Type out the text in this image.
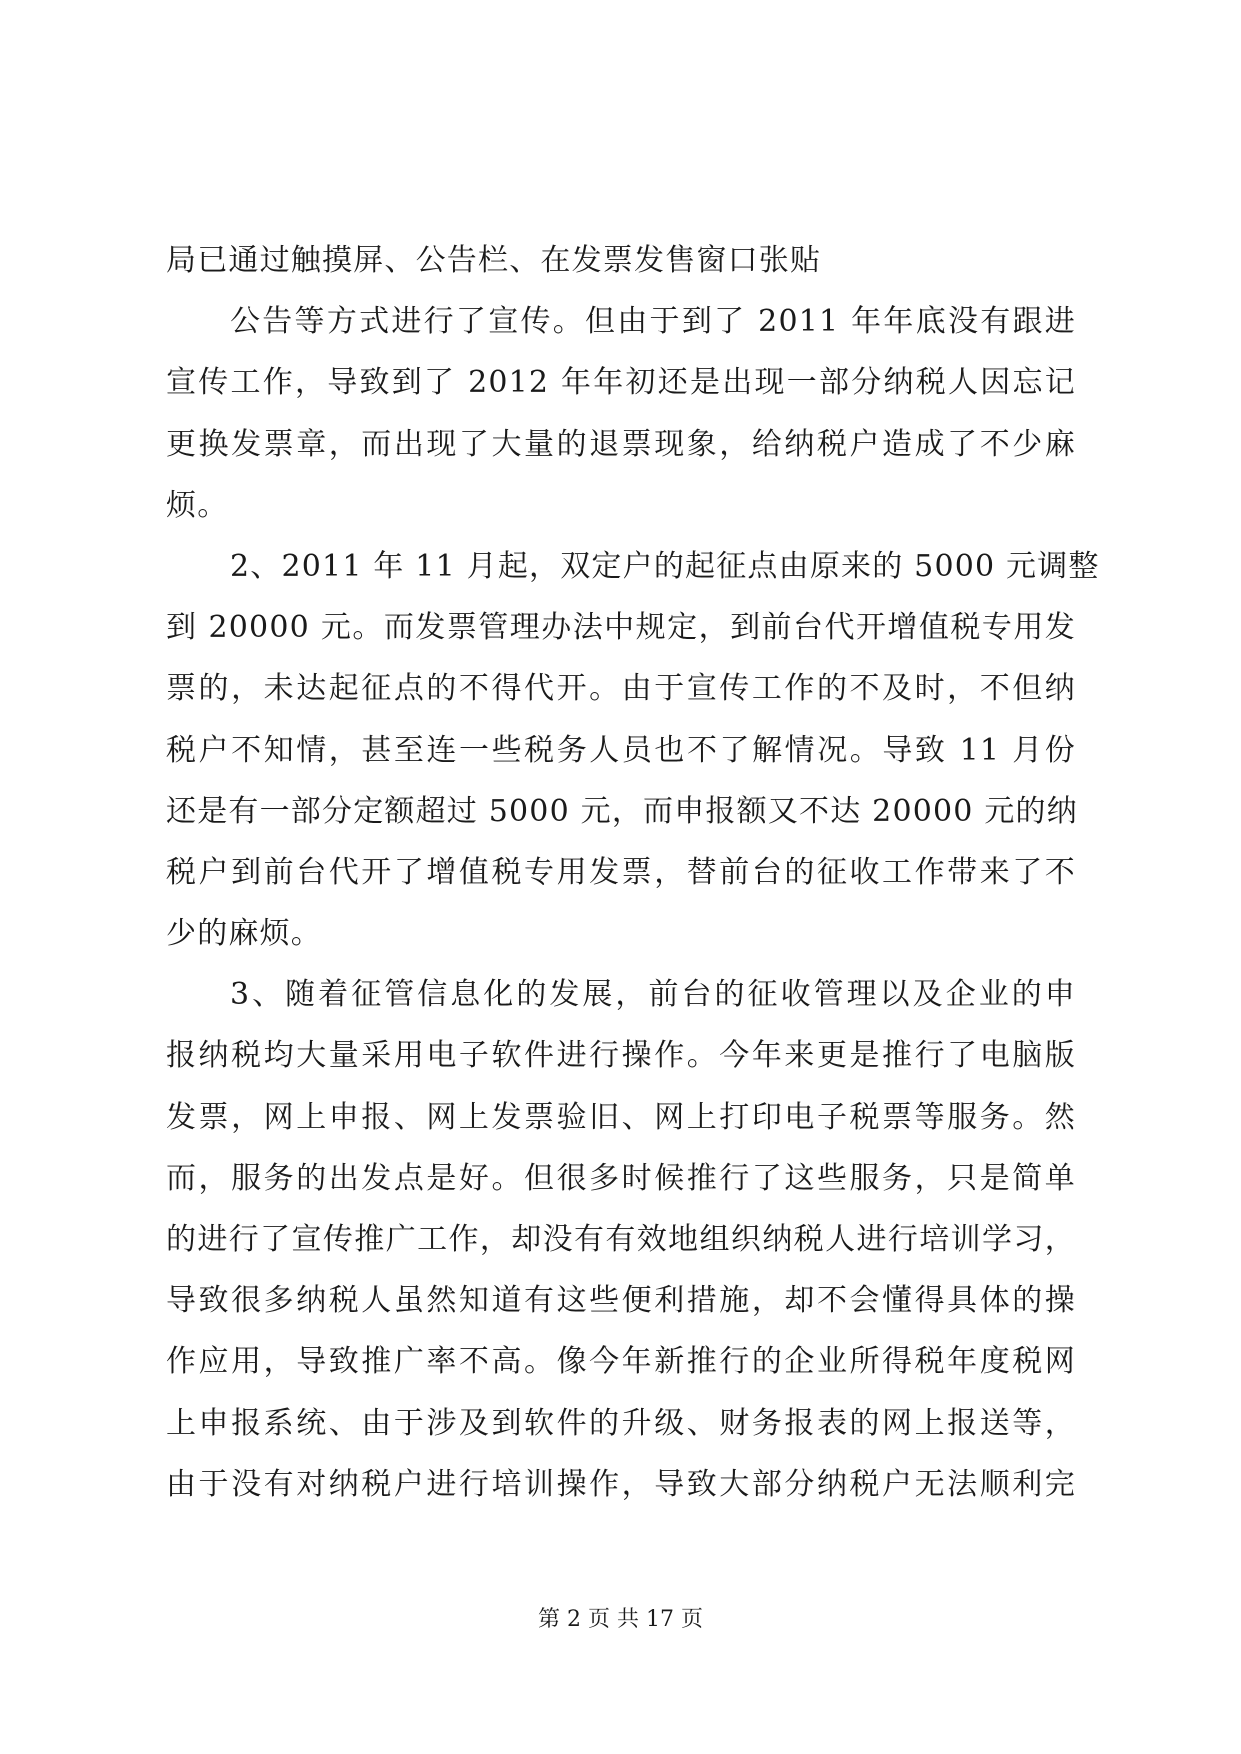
局已通过触摸屏、公告栏、在发票发售窗口张贴
公告等方式进行了宣传。但由于到了 2011 年年底没有跟进
宣传工作，导致到了 2012 年年初还是出现一部分纳税人因忘记
更换发票章，而出现了大量的退票现象，给纳税户造成了不少麻
烦。
2、2011 年 11 月起，双定户的起征点由原来的 5000 元调整
到 20000 元。而发票管理办法中规定，到前台代开增值税专用发
票的，未达起征点的不得代开。由于宣传工作的不及时，不但纳
税户不知情，甚至连一些税务人员也不了解情况。导致 11 月份
还是有一部分定额超过 5000 元，而申报额又不达 20000 元的纳
税户到前台代开了增值税专用发票，替前台的征收工作带来了不
少的麻烦。
3、随着征管信息化的发展，前台的征收管理以及企业的申
报纳税均大量采用电子软件进行操作。今年来更是推行了电脑版
发票，网上申报、网上发票验旧、网上打印电子税票等服务。然
而，服务的出发点是好。但很多时候推行了这些服务，只是简单
的进行了宣传推广工作，却没有有效地组织纳税人进行培训学习，
导致很多纳税人虽然知道有这些便利措施，却不会懂得具体的操
作应用，导致推广率不高。像今年新推行的企业所得税年度税网
上申报系统、由于涉及到软件的升级、财务报表的网上报送等，
由于没有对纳税户进行培训操作，导致大部分纳税户无法顺利完
第 2 页 共 17 页
